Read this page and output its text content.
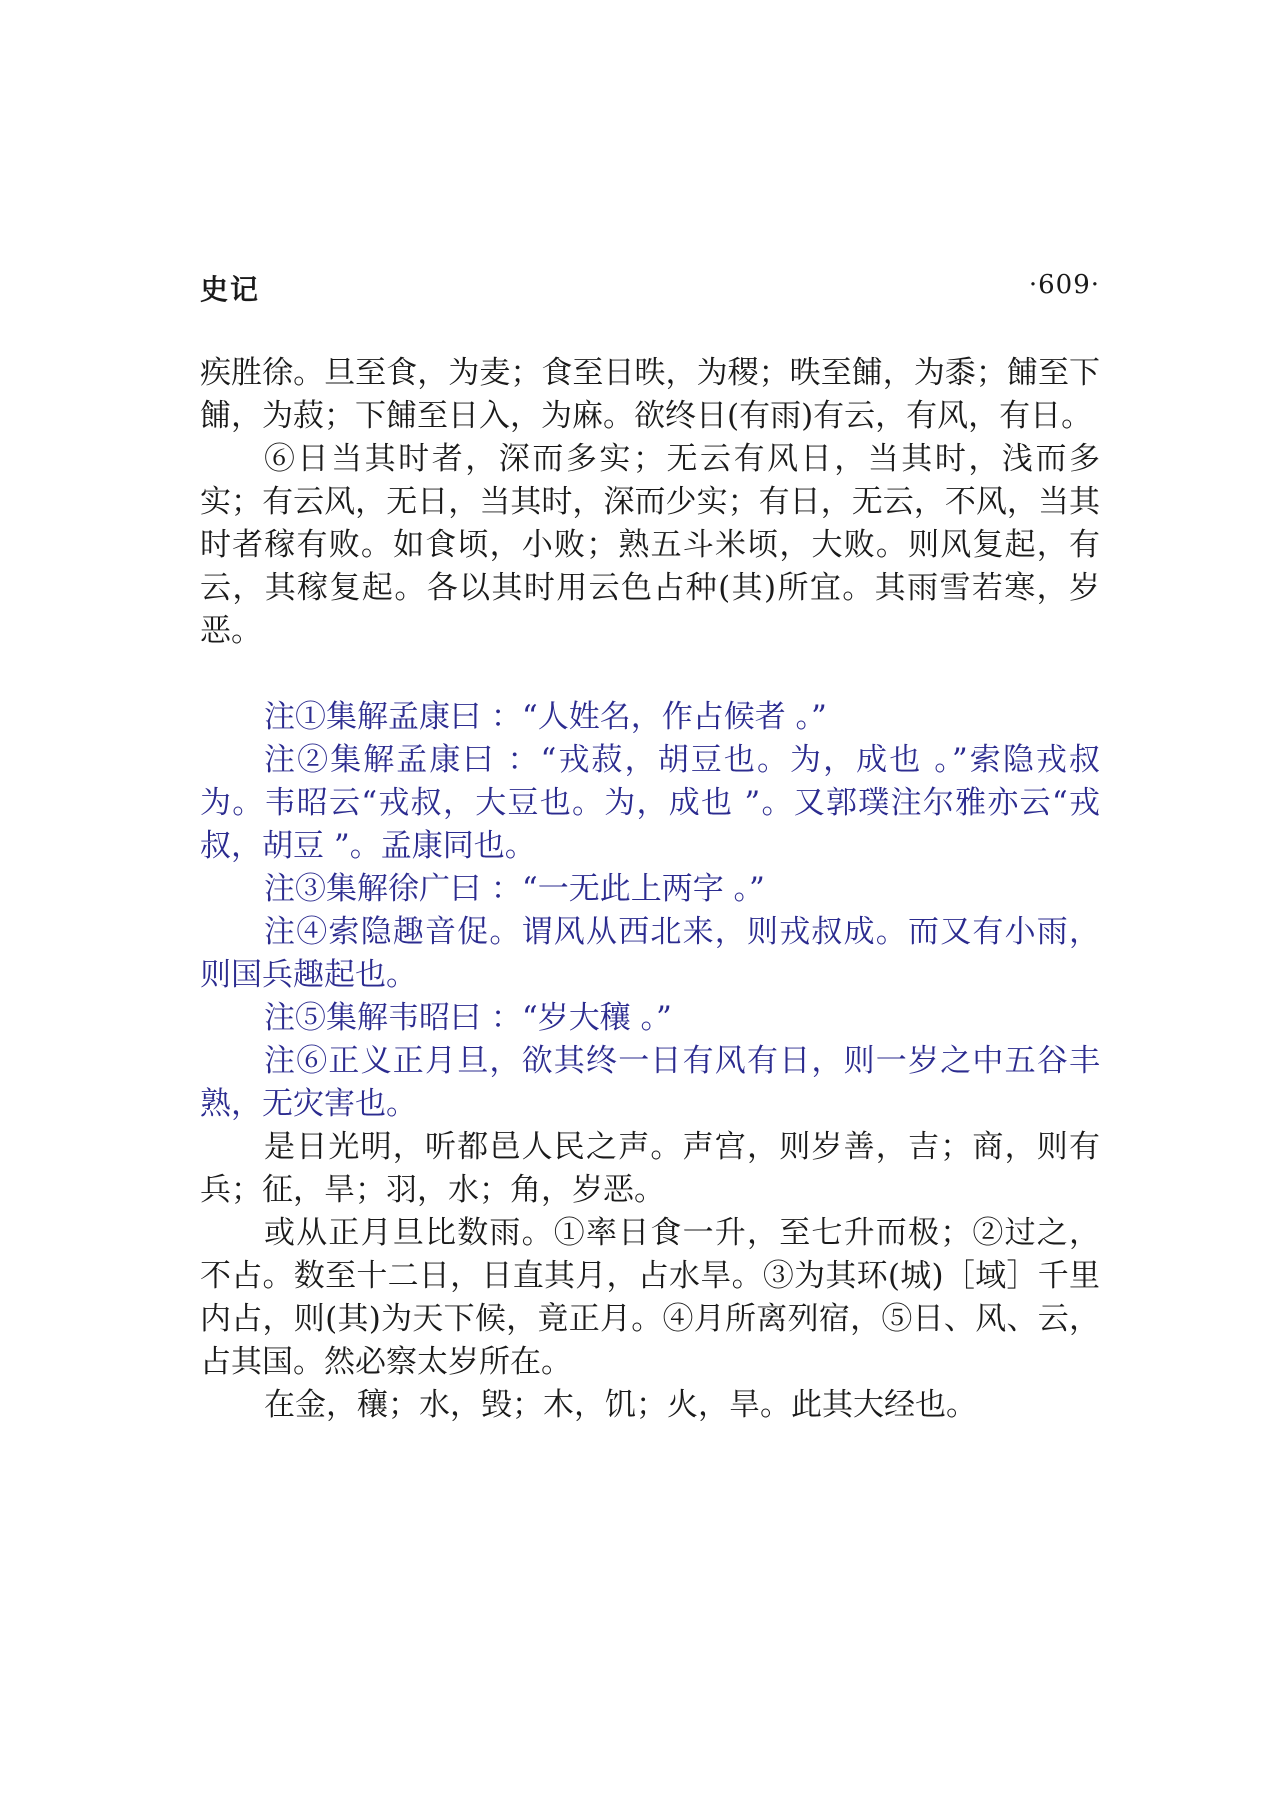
史记	·609·

疾胜徐。旦至食，为麦；食至日昳，为稷；昳至餔，为黍；餔至下餔，为菽；下餔至日入，为麻。欲终日(有雨)有云，有风，有日。

⑥日当其时者，深而多实；无云有风日，当其时，浅而多实；有云风，无日，当其时，深而少实；有日，无云，不风，当其时者稼有败。如食顷，小败；熟五斗米顷，大败。则风复起，有云，其稼复起。各以其时用云色占种(其)所宜。其雨雪若寒，岁恶。

注①集解孟康曰 ：“人姓名，作占候者 。”

注②集解孟康曰 ：“戎菽，胡豆也。为，成也 。”索隐戎叔为。韦昭云“戎叔，大豆也。为，成也 ”。又郭璞注尔雅亦云“戎叔，胡豆 ”。孟康同也。

注③集解徐广曰 ：“一无此上两字 。”

注④索隐趣音促。谓风从西北来，则戎叔成。而又有小雨，则国兵趣起也。

注⑤集解韦昭曰 ：“岁大穰 。”

注⑥正义正月旦，欲其终一日有风有日，则一岁之中五谷丰熟，无灾害也。

是日光明，听都邑人民之声。声宫，则岁善，吉；商，则有兵；征，旱；羽，水；角，岁恶。

或从正月旦比数雨。①率日食一升，至七升而极；②过之，不占。数至十二日，日直其月，占水旱。③为其环(城)［域］千里内占，则(其)为天下候，竟正月。④月所离列宿，⑤日、风、云，占其国。然必察太岁所在。

在金，穰；水，毁；木，饥；火，旱。此其大经也。
